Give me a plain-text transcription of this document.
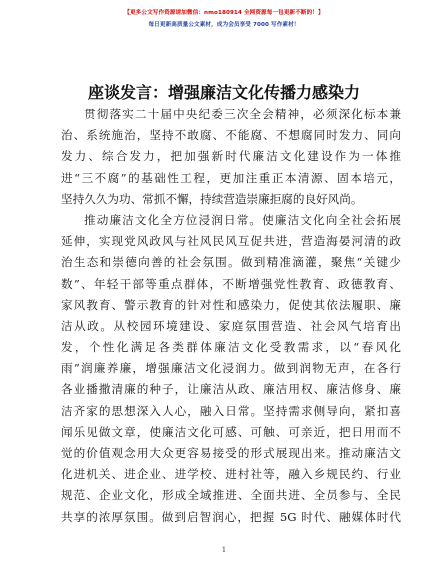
【更多公文写作资源请加微信：nmo180914 全网资源每一包更新不断的！】
每日更新高质量公文素材，成为会员享受 7000 写作素材！
座谈发言：增强廉洁文化传播力感染力
贯彻落实二十届中央纪委三次全会精神，必须深化标本兼
治、系统施治，坚持不敢腐、不能腐、不想腐同时发力、同向
发力、综合发力，把加强新时代廉洁文化建设作为一体推
进“三不腐”的基础性工程，更加注重正本清源、固本培元，
坚持久久为功、常抓不懈，持续营造崇廉拒腐的良好风尚。
推动廉洁文化全方位浸润日常。使廉洁文化向全社会拓展
延伸，实现党风政风与社风民风互促共进，营造海晏河清的政
治生态和崇德向善的社会氛围。做到精准滴灌，聚焦“关键少
数”、年轻干部等重点群体，不断增强党性教育、政德教育、
家风教育、警示教育的针对性和感染力，促使其依法履职、廉
洁从政。从校园环境建设、家庭氛围营造、社会风气培育出
发，个性化满足各类群体廉洁文化受教需求，以“春风化
雨”润廉养廉，增强廉洁文化浸润力。做到润物无声，在各行
各业播撒清廉的种子，让廉洁从政、廉洁用权、廉洁修身、廉
洁齐家的思想深入人心，融入日常。坚持需求侧导向，紧扣喜
闻乐见做文章，使廉洁文化可感、可触、可亲近，把日用而不
觉的价值观念用大众更容易接受的形式展现出来。推动廉洁文
化进机关、进企业、进学校、进村社等，融入乡规民约、行业
规范、企业文化，形成全域推进、全面共进、全员参与、全民
共享的浓厚氛围。做到启智润心，把握 5G 时代、融媒体时代
1
